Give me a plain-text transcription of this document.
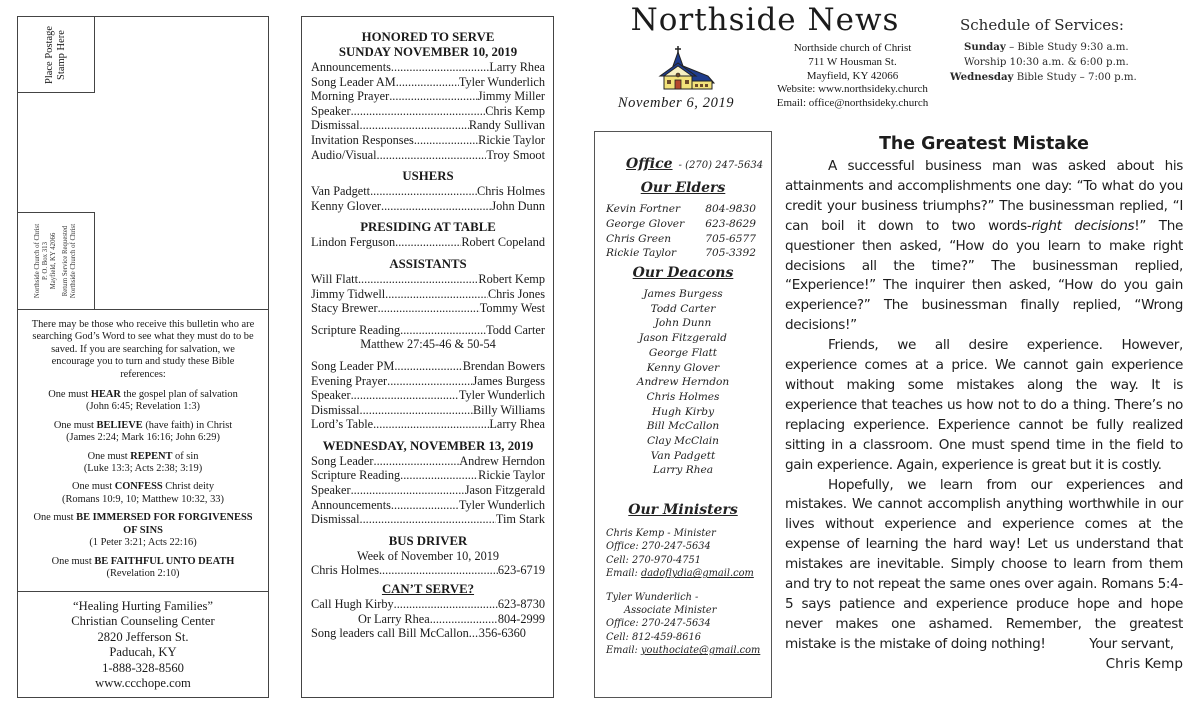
Place Postage Stamp Here
Northside Church of Christ P. O. Box 313 Mayfield, KY 42066 Return Service Requested Northside Church of Christ
There may be those who receive this bulletin who are searching God’s Word to see what they must do to be saved. If you are searching for salvation, we encourage you to turn and study these Bible references:
One must HEAR the gospel plan of salvation
(John 6:45; Revelation 1:3)
One must BELIEVE (have faith) in Christ
(James 2:24; Mark 16:16; John 6:29)
One must REPENT of sin
(Luke 13:3; Acts 2:38; 3:19)
One must CONFESS Christ deity
(Romans 10:9, 10; Matthew 10:32, 33)
One must BE IMMERSED FOR FORGIVENESS OF SINS
(1 Peter 3:21; Acts 22:16)
One must BE FAITHFUL UNTO DEATH
(Revelation 2:10)
“Healing Hurting Families”
Christian Counseling Center
2820 Jefferson St.
Paducah, KY
1-888-328-8560
www.ccchope.com
HONORED TO SERVE
SUNDAY NOVEMBER 10, 2019
Announcements .....	Larry Rhea
Song Leader AM .....	Tyler Wunderlich
Morning Prayer .....	Jimmy Miller
Speaker .....	Chris Kemp
Dismissal .....	Randy Sullivan
Invitation Responses .....	Rickie Taylor
Audio/Visual .....	Troy Smoot
USHERS
Van Padgett .....	Chris Holmes
Kenny Glover .....	John Dunn
PRESIDING AT TABLE
Lindon Ferguson .....	Robert Copeland
ASSISTANTS
Will Flatt .....	Robert Kemp
Jimmy Tidwell .....	Chris Jones
Stacy Brewer .....	Tommy West
Scripture Reading .....	Todd Carter
Matthew 27:45-46 & 50-54
Song Leader PM .....	Brendan Bowers
Evening Prayer .....	James Burgess
Speaker .....	Tyler Wunderlich
Dismissal .....	Billy Williams
Lord’s Table .....	Larry Rhea
WEDNESDAY, NOVEMBER 13, 2019
Song Leader .....	Andrew Herndon
Scripture Reading .....	Rickie Taylor
Speaker .....	Jason Fitzgerald
Announcements .....	Tyler Wunderlich
Dismissal .....	Tim Stark
BUS DRIVER
Week of November 10, 2019
Chris Holmes .....	623-6719
CAN’T SERVE?
Call Hugh Kirby .....	623-8730
Or Larry Rhea .....	804-2999
Song leaders call Bill McCallon ..... 356-6360
Northside News
November 6, 2019
Northside church of Christ
711 W Housman St.
Mayfield, KY 42066
Website: www.northsideky.church
Email: office@northsideky.church
Schedule of Services:
Sunday – Bible Study 9:30 a.m.
Worship 10:30 a.m. & 6:00 p.m.
Wednesday Bible Study – 7:00 p.m.
Office - (270) 247-5634
Our Elders
Kevin Fortner 804-9830
George Glover 623-8629
Chris Green	705-6577
Rickie Taylor	705-3392
Our Deacons
James Burgess
Todd Carter
John Dunn
Jason Fitzgerald
George Flatt
Kenny Glover
Andrew Herndon
Chris Holmes
Hugh Kirby
Bill McCallon
Clay McClain
Van Padgett
Larry Rhea
Our Ministers
Chris Kemp - Minister
Office: 270-247-5634
Cell: 270-970-4751
Email: dadoflydia@gmail.com
Tyler Wunderlich -
Associate Minister
Office: 270-247-5634
Cell: 812-459-8616
Email: youthociate@gmail.com
The Greatest Mistake

A successful business man was asked about his attainments and accomplishments one day: “To what do you credit your business triumphs?” The businessman replied, “I can boil it down to two words-right decisions!” The questioner then asked, “How do you learn to make right decisions all the time?” The businessman replied, “Experience!” The inquirer then asked, “How do you gain experience?” The businessman finally replied, “Wrong decisions!”

Friends, we all desire experience. However, experience comes at a price. We cannot gain experience without making some mistakes along the way. It is experience that teaches us how not to do a thing. There’s no replacing experience. Experience cannot be fully realized sitting in a classroom. One must spend time in the field to gain experience. Again, experience is great but it is costly.

Hopefully, we learn from our experiences and mistakes. We cannot accomplish anything worthwhile in our lives without experience and experience comes at the expense of learning the hard way! Let us understand that mistakes are inevitable. Simply choose to learn from them and try to not repeat the same ones over again. Romans 5:4-5 says patience and experience produce hope and hope never makes one ashamed. Remember, the greatest mistake is the mistake of doing nothing!	Your servant,

Chris Kemp
